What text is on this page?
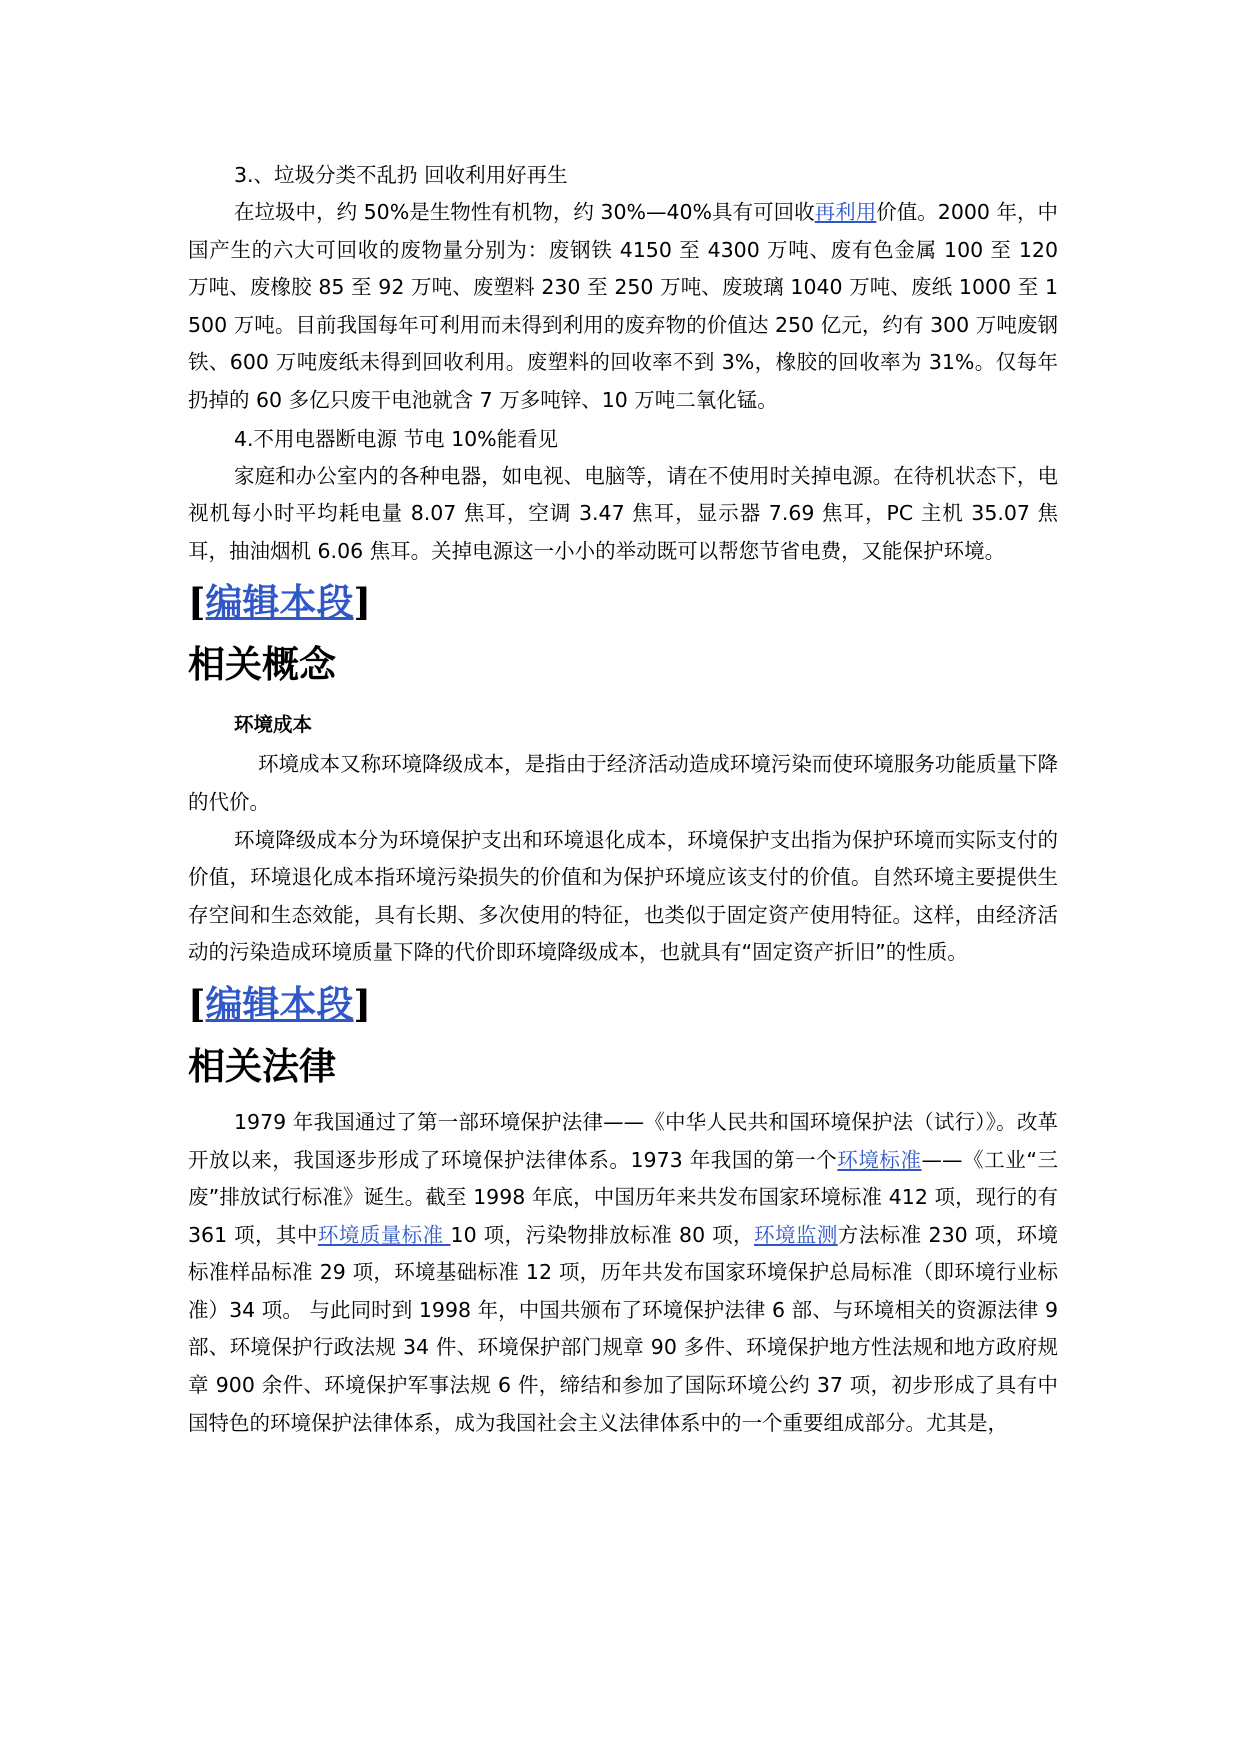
3.、垃圾分类不乱扔 回收利用好再生

在垃圾中，约 50%是生物性有机物，约 30%—40%具有可回收再利用价值。2000 年，中国产生的六大可回收的废物量分别为：废钢铁 4150 至 4300 万吨、废有色金属 100 至 120 万吨、废橡胶 85 至 92 万吨、废塑料 230 至 250 万吨、废玻璃 1040 万吨、废纸 1000 至 1500 万吨。目前我国每年可利用而未得到利用的废弃物的价值达 250 亿元，约有 300 万吨废钢铁、600 万吨废纸未得到回收利用。废塑料的回收率不到 3%，橡胶的回收率为 31%。仅每年扔掉的 60 多亿只废干电池就含 7 万多吨锌、10 万吨二氧化锰。

4.不用电器断电源 节电 10%能看见

家庭和办公室内的各种电器，如电视、电脑等，请在不使用时关掉电源。在待机状态下，电视机每小时平均耗电量 8.07 焦耳，空调 3.47 焦耳，显示器 7.69 焦耳，PC 主机 35.07 焦耳，抽油烟机 6.06 焦耳。关掉电源这一小小的举动既可以帮您节省电费，又能保护环境。

[编辑本段]
相关概念
环境成本

环境成本又称环境降级成本，是指由于经济活动造成环境污染而使环境服务功能质量下降的代价。

环境降级成本分为环境保护支出和环境退化成本，环境保护支出指为保护环境而实际支付的价值，环境退化成本指环境污染损失的价值和为保护环境应该支付的价值。自然环境主要提供生存空间和生态效能，具有长期、多次使用的特征，也类似于固定资产使用特征。这样，由经济活动的污染造成环境质量下降的代价即环境降级成本，也就具有“固定资产折旧”的性质。

[编辑本段]
相关法律

1979 年我国通过了第一部环境保护法律——《中华人民共和国环境保护法（试行）》。改革开放以来，我国逐步形成了环境保护法律体系。1973 年我国的第一个环境标准——《工业“三废”排放试行标准》诞生。截至 1998 年底，中国历年来共发布国家环境标准 412 项，现行的有 361 项，其中环境质量标准 10 项，污染物排放标准 80 项，环境监测方法标准 230 项，环境标准样品标准 29 项，环境基础标准 12 项，历年共发布国家环境保护总局标准（即环境行业标准）34 项。 与此同时到 1998 年，中国共颁布了环境保护法律 6 部、与环境相关的资源法律 9 部、环境保护行政法规 34 件、环境保护部门规章 90 多件、环境保护地方性法规和地方政府规章 900 余件、环境保护军事法规 6 件，缔结和参加了国际环境公约 37 项，初步形成了具有中国特色的环境保护法律体系，成为我国社会主义法律体系中的一个重要组成部分。尤其是，
